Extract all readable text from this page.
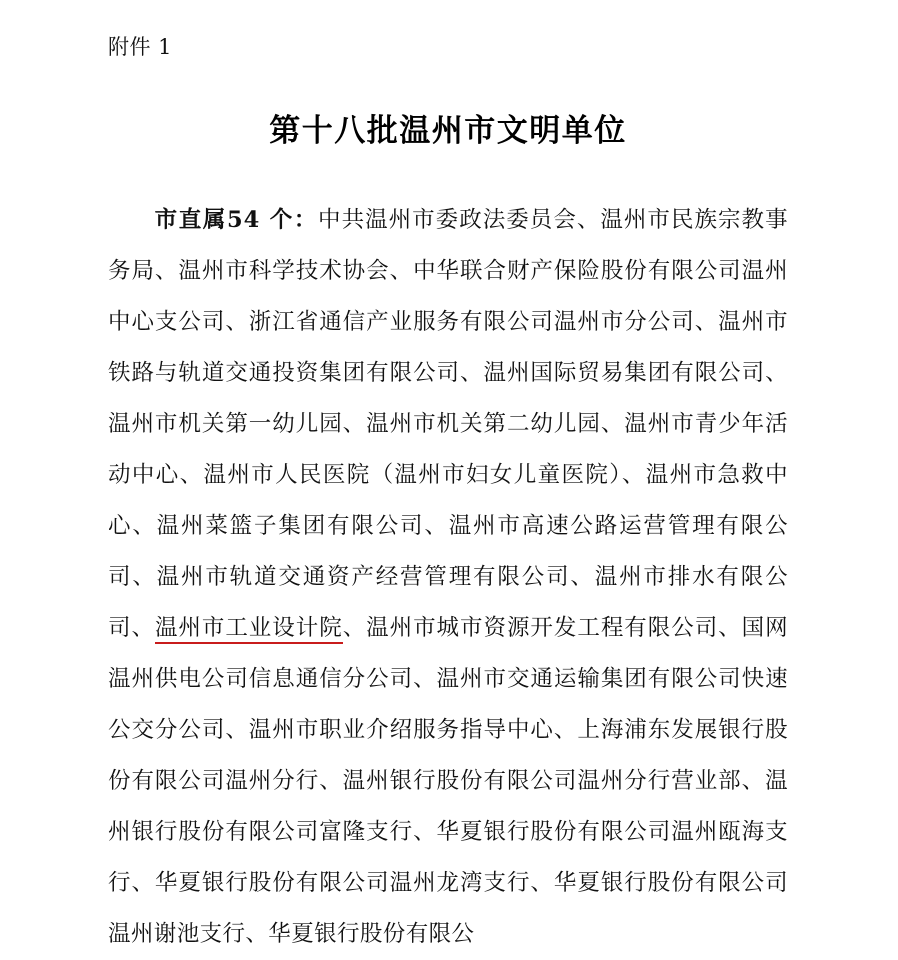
附件 1

第十八批温州市文明单位

市直属54 个：中共温州市委政法委员会、温州市民族宗教事务局、温州市科学技术协会、中华联合财产保险股份有限公司温州中心支公司、浙江省通信产业服务有限公司温州市分公司、温州市铁路与轨道交通投资集团有限公司、温州国际贸易集团有限公司、温州市机关第一幼儿园、温州市机关第二幼儿园、温州市青少年活动中心、温州市人民医院（温州市妇女儿童医院）、温州市急救中心、温州菜篮子集团有限公司、温州市高速公路运营管理有限公司、温州市轨道交通资产经营管理有限公司、温州市排水有限公司、温州市工业设计院、温州市城市资源开发工程有限公司、国网温州供电公司信息通信分公司、温州市交通运输集团有限公司快速公交分公司、温州市职业介绍服务指导中心、上海浦东发展银行股份有限公司温州分行、温州银行股份有限公司温州分行营业部、温州银行股份有限公司富隆支行、华夏银行股份有限公司温州瓯海支行、华夏银行股份有限公司温州龙湾支行、华夏银行股份有限公司温州谢池支行、华夏银行股份有限公
